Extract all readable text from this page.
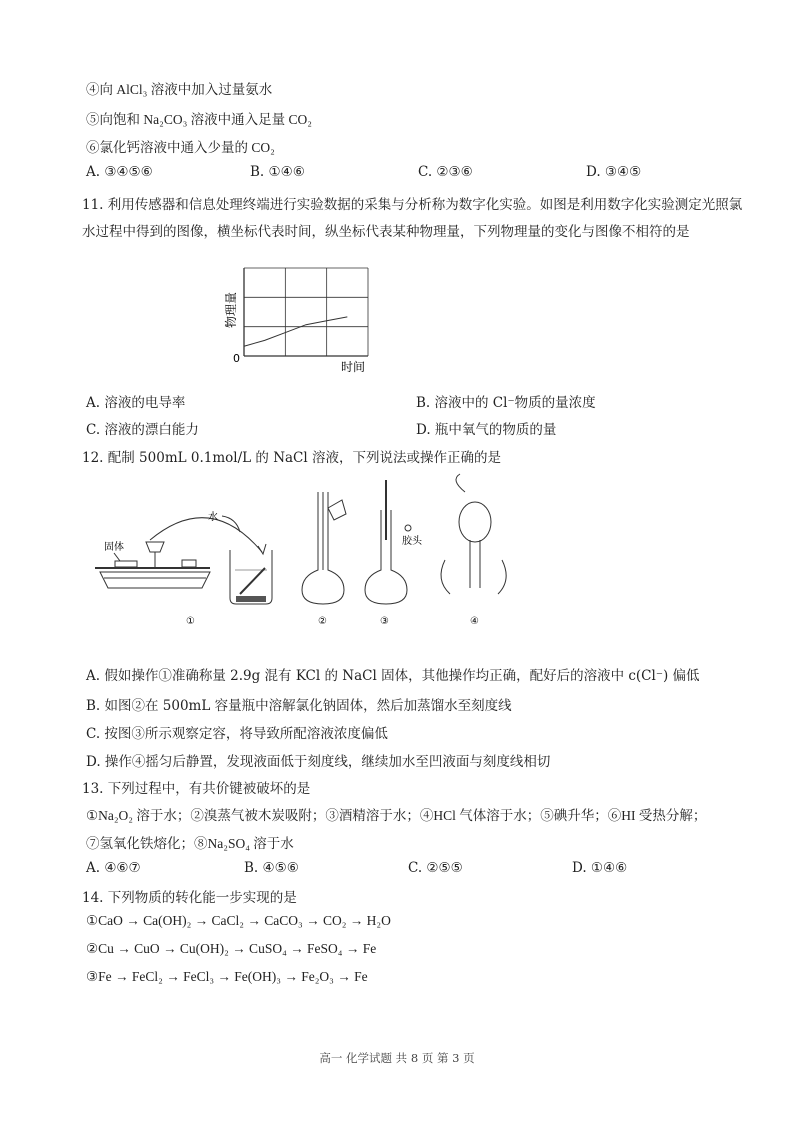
④向 AlCl₃ 溶液中加入过量氨水
⑤向饱和 Na₂CO₃ 溶液中通入足量 CO₂
⑥氯化钙溶液中通入少量的 CO₂
A. ③④⑤⑥	B. ①④⑥	C. ②③⑥	D. ③④⑤
11. 利用传感器和信息处理终端进行实验数据的采集与分析称为数字化实验。如图是利用数字化实验测定光照氯
水过程中得到的图像，横坐标代表时间，纵坐标代表某种物理量，下列物理量的变化与图像不相符的是
物理量
0
时间
A. 溶液的电导率	B. 溶液中的 Cl⁻物质的量浓度
C. 溶液的漂白能力	D. 瓶中氧气的物质的量
12. 配制 500mL 0.1mol/L 的 NaCl 溶液，下列说法或操作正确的是
固体
水
①	②
胶头
③	④
A. 假如操作①准确称量 2.9g 混有 KCl 的 NaCl 固体，其他操作均正确，配好后的溶液中 c(Cl⁻) 偏低
B. 如图②在 500mL 容量瓶中溶解氯化钠固体，然后加蒸馏水至刻度线
C. 按图③所示观察定容，将导致所配溶液浓度偏低
D. 操作④摇匀后静置，发现液面低于刻度线，继续加水至凹液面与刻度线相切
13. 下列过程中，有共价键被破坏的是
①Na₂O₂ 溶于水；②溴蒸气被木炭吸附；③酒精溶于水；④HCl 气体溶于水；⑤碘升华；⑥HI 受热分解；
⑦氢氧化铁熔化；⑧Na₂SO₄ 溶于水
A. ④⑥⑦	B. ④⑤⑥	C. ②⑤⑤	D. ①④⑥
14. 下列物质的转化能一步实现的是
①CaO → Ca(OH)₂ → CaCl₂ → CaCO₃ → CO₂ → H₂O
②Cu → CuO → Cu(OH)₂ → CuSO₄ → FeSO₄ → Fe
③Fe → FeCl₂ → FeCl₃ → Fe(OH)₃ → Fe₂O₃ → Fe
高一 化学试题 共 8 页 第 3 页
